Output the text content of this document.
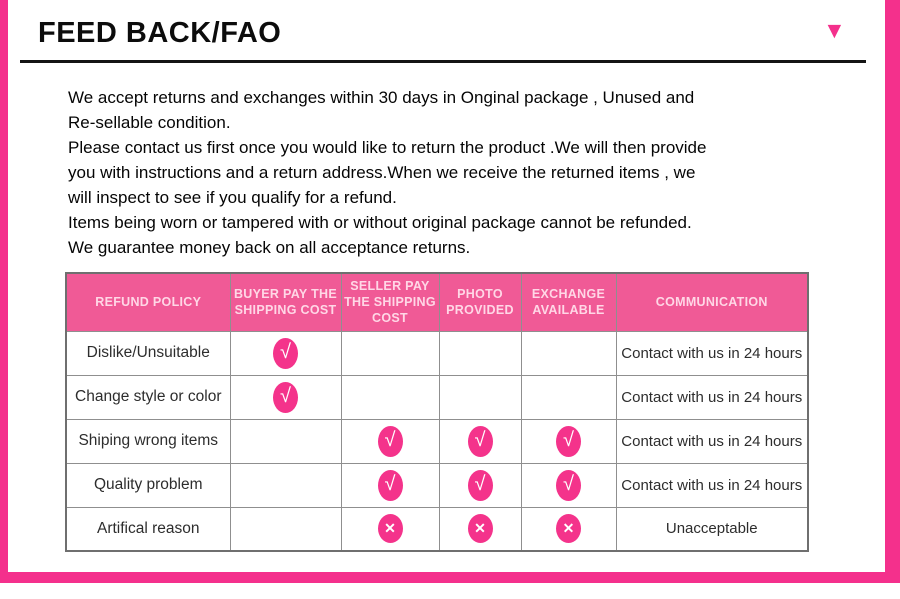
FEED BACK/FAO	▼
We accept returns and exchanges within 30 days in Onginal package , Unused and
Re-sellable condition.
Please contact us first once you would like to return the product .We will then provide
you with instructions and a return address.When we receive the returned items , we
will inspect to see if you qualify for a refund.
Items being worn or tampered with or without original package cannot be refunded.
We guarantee money back on all acceptance returns.
REFUND POLICY	BUYER PAY THE SHIPPING COST	SELLER PAY THE SHIPPING COST	PHOTO PROVIDED	EXCHANGE AVAILABLE	COMMUNICATION
Dislike/Unsuitable	√				Contact with us in 24 hours
Change style or color	√				Contact with us in 24 hours
Shiping wrong items		√	√	√	Contact with us in 24 hours
Quality problem		√	√	√	Contact with us in 24 hours
Artifical reason		✕	✕	✕	Unacceptable
